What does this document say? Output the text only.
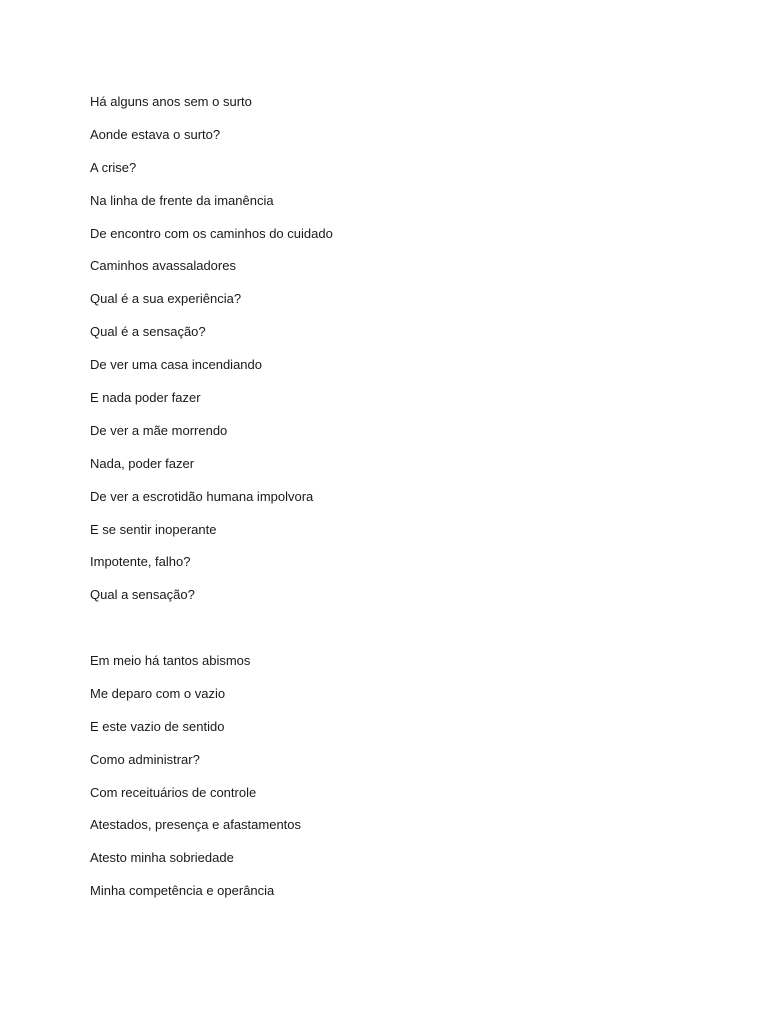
Há alguns anos sem o surto
Aonde estava o surto?
A crise?
Na linha de frente da imanência
De encontro com os caminhos do cuidado
Caminhos avassaladores
Qual é a sua experiência?
Qual é a sensação?
De ver uma casa incendiando
E nada poder fazer
De ver a mãe morrendo
Nada, poder fazer
De ver a escrotidão humana impolvora
E se sentir inoperante
Impotente, falho?
Qual a sensação?
Em meio há tantos abismos
Me deparo com o vazio
E este vazio de sentido
Como administrar?
Com receituários de controle
Atestados, presença e afastamentos
Atesto minha sobriedade
Minha competência e operância
